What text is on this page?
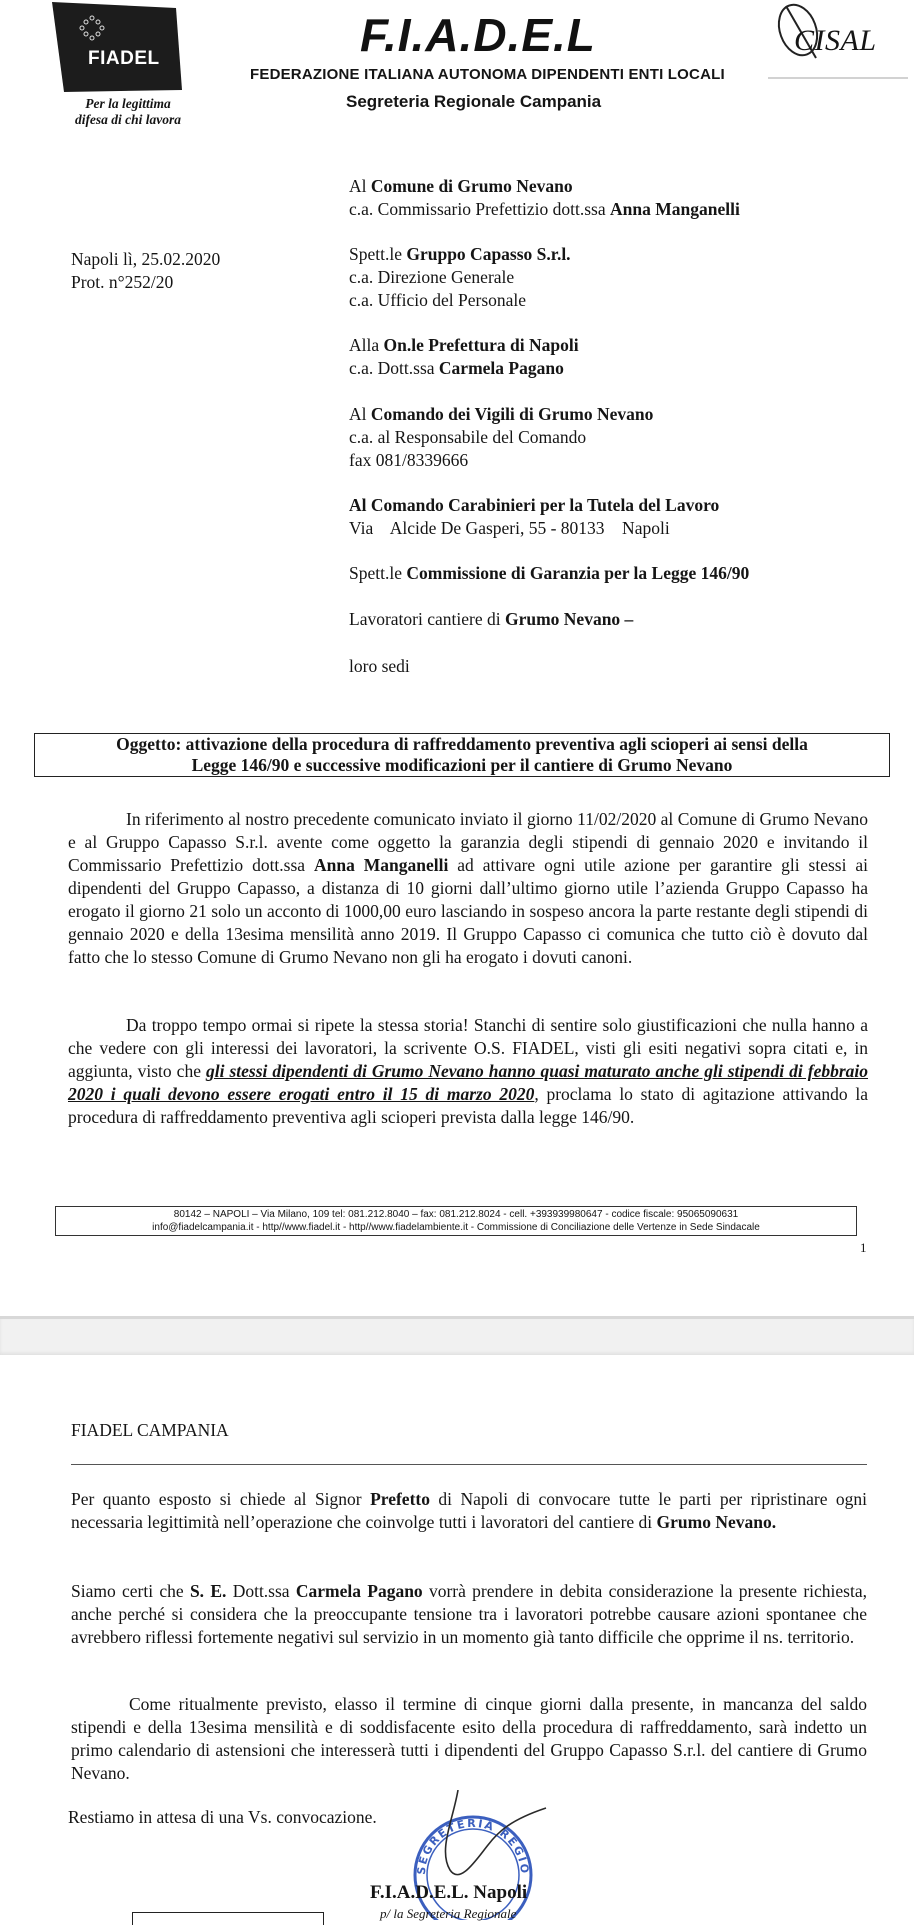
FIADEL
Per la legittima
difesa di chi lavora
F.I.A.D.E.L
FEDERAZIONE ITALIANA AUTONOMA DIPENDENTI ENTI LOCALI
Segreteria Regionale Campania
CISAL
Napoli lì, 25.02.2020
Prot. n°252/20
Al Comune di Grumo Nevano
c.a. Commissario Prefettizio dott.ssa Anna Manganelli
Spett.le Gruppo Capasso S.r.l.
c.a. Direzione Generale
c.a. Ufficio del Personale
Alla On.le Prefettura di Napoli
c.a. Dott.ssa Carmela Pagano
Al Comando dei Vigili di Grumo Nevano
c.a. al Responsabile del Comando
fax 081/8339666
Al Comando Carabinieri per la Tutela del Lavoro
Via    Alcide De Gasperi, 55 - 80133    Napoli
Spett.le Commissione di Garanzia per la Legge 146/90
Lavoratori cantiere di Grumo Nevano –
loro sedi
Oggetto: attivazione della procedura di raffreddamento preventiva agli scioperi ai sensi della
Legge 146/90 e successive modificazioni per il cantiere di Grumo Nevano
In riferimento al nostro precedente comunicato inviato il giorno 11/02/2020 al Comune di Grumo Nevano e al Gruppo Capasso S.r.l. avente come oggetto la garanzia degli stipendi di gennaio 2020 e invitando il Commissario Prefettizio dott.ssa Anna Manganelli ad attivare ogni utile azione per garantire gli stessi ai dipendenti del Gruppo Capasso, a distanza di 10 giorni dall’ultimo giorno utile l’azienda Gruppo Capasso ha erogato il giorno 21 solo un acconto di 1000,00 euro lasciando in sospeso ancora la parte restante degli stipendi di gennaio 2020 e della 13esima mensilità anno 2019. Il Gruppo Capasso ci comunica che tutto ciò è dovuto dal fatto che lo stesso Comune di Grumo Nevano non gli ha erogato i dovuti canoni.
Da troppo tempo ormai si ripete la stessa storia! Stanchi di sentire solo giustificazioni che nulla hanno a che vedere con gli interessi dei lavoratori, la scrivente O.S. FIADEL, visti gli esiti negativi sopra citati e, in aggiunta, visto che gli stessi dipendenti di Grumo Nevano hanno quasi maturato anche gli stipendi di febbraio 2020 i quali devono essere erogati entro il 15 di marzo 2020, proclama lo stato di agitazione attivando la procedura di raffreddamento preventiva agli scioperi prevista dalla legge 146/90.
80142 – NAPOLI – Via Milano, 109 tel: 081.212.8040 – fax: 081.212.8024 - cell. +393939980647 - codice fiscale: 95065090631
info@fiadelcampania.it - http//www.fiadel.it - http//www.fiadelambiente.it - Commissione di Conciliazione delle Vertenze in Sede Sindacale
1
FIADEL CAMPANIA
Per quanto esposto si chiede al Signor Prefetto di Napoli di convocare tutte le parti per ripristinare ogni necessaria legittimità nell’operazione che coinvolge tutti i lavoratori del cantiere di Grumo Nevano.
Siamo certi che S. E. Dott.ssa Carmela Pagano vorrà prendere in debita considerazione la presente richiesta, anche perché si considera che la preoccupante tensione tra i lavoratori potrebbe causare azioni spontanee che avrebbero riflessi fortemente negativi sul servizio in un momento già tanto difficile che opprime il ns. territorio.
Come ritualmente previsto, elasso il termine di cinque giorni dalla presente, in mancanza del saldo stipendi e della 13esima mensilità e di soddisfacente esito della procedura di raffreddamento, sarà indetto un primo calendario di astensioni che interesserà tutti i dipendenti del Gruppo Capasso S.r.l. del cantiere di Grumo Nevano.
Restiamo in attesa di una Vs. convocazione.
SEGRETERIA REGIO
F.I.A.D.E.L. Napoli
p/ la Segreteria Regionale
